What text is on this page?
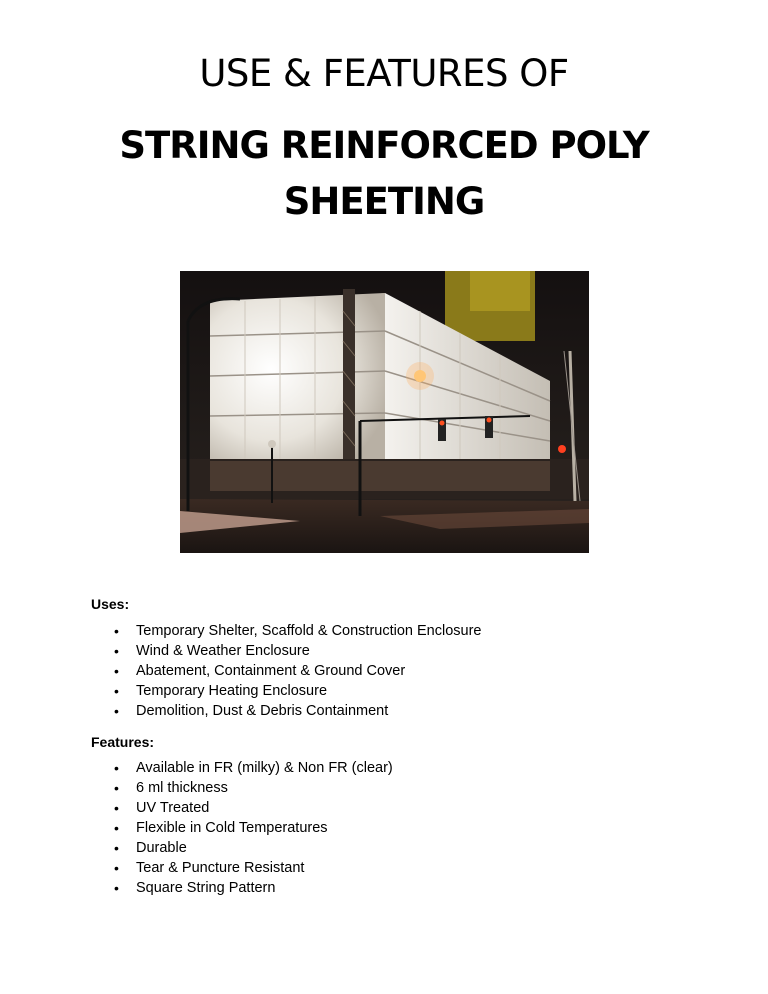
USE & FEATURES OF
STRING REINFORCED POLY
SHEETING
Uses:
• Temporary Shelter, Scaffold & Construction Enclosure
• Wind & Weather Enclosure
• Abatement, Containment & Ground Cover
• Temporary Heating Enclosure
• Demolition, Dust & Debris Containment
Features:
• Available in FR (milky) & Non FR (clear)
• 6 ml thickness
• UV Treated
• Flexible in Cold Temperatures
• Durable
• Tear & Puncture Resistant
• Square String Pattern
